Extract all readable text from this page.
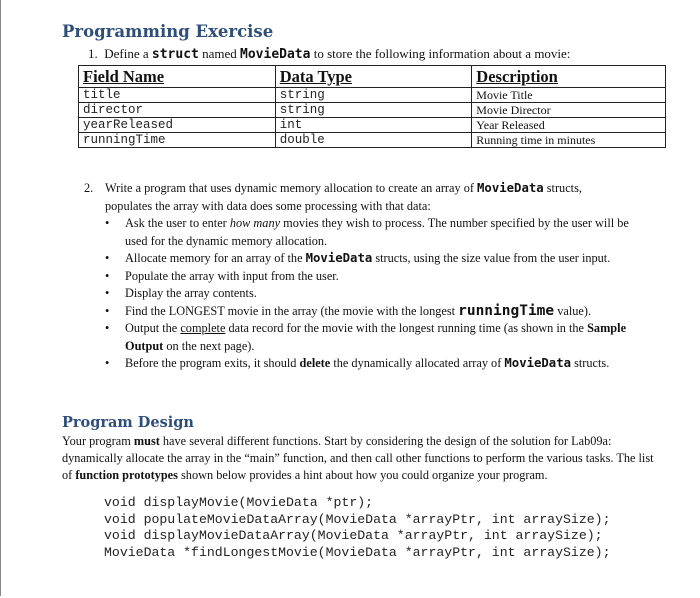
Programming Exercise
1. Define a struct named MovieData to store the following information about a movie:
Field Name	Data Type	Description
title	string	Movie Title
director	string	Movie Director
yearReleased	int	Year Released
runningTime	double	Running time in minutes
2. Write a program that uses dynamic memory allocation to create an array of MovieData structs,
populates the array with data does some processing with that data:
• Ask the user to enter how many movies they wish to process. The number specified by the user will be used for the dynamic memory allocation.
• Allocate memory for an array of the MovieData structs, using the size value from the user input.
• Populate the array with input from the user.
• Display the array contents.
• Find the LONGEST movie in the array (the movie with the longest runningTime value).
• Output the complete data record for the movie with the longest running time (as shown in the Sample Output on the next page).
• Before the program exits, it should delete the dynamically allocated array of MovieData structs.
Program Design
Your program must have several different functions. Start by considering the design of the solution for Lab09a: dynamically allocate the array in the “main” function, and then call other functions to perform the various tasks. The list of function prototypes shown below provides a hint about how you could organize your program.
void displayMovie(MovieData *ptr);
void populateMovieDataArray(MovieData *arrayPtr, int arraySize);
void displayMovieDataArray(MovieData *arrayPtr, int arraySize);
MovieData *findLongestMovie(MovieData *arrayPtr, int arraySize);
